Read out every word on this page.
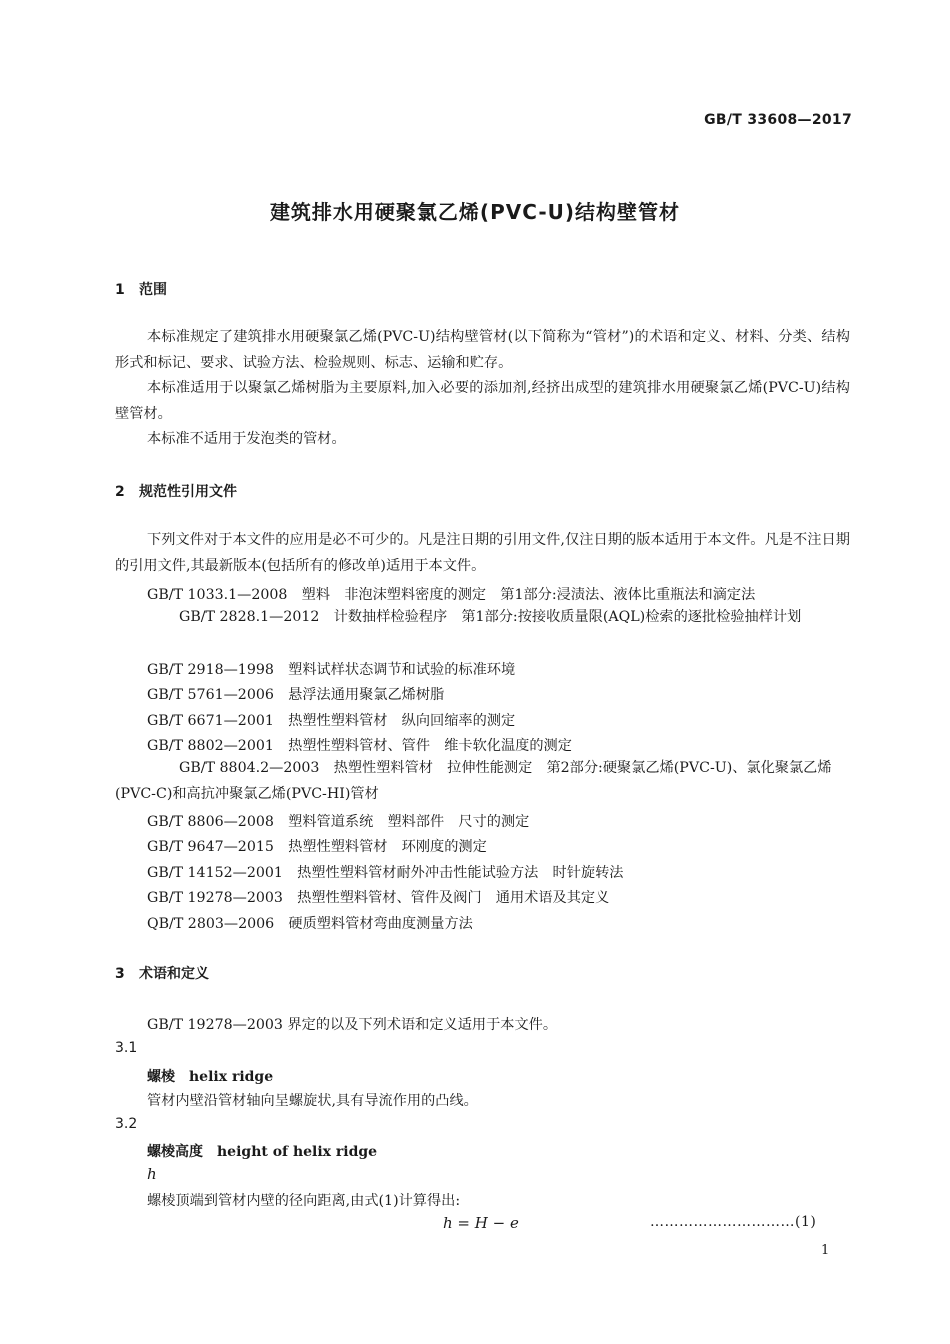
GB/T 33608—2017
建筑排水用硬聚氯乙烯(PVC-U)结构壁管材
1 范围
本标准规定了建筑排水用硬聚氯乙烯(PVC-U)结构壁管材(以下简称为“管材”)的术语和定义、材料、分类、结构形式和标记、要求、试验方法、检验规则、标志、运输和贮存。
本标准适用于以聚氯乙烯树脂为主要原料,加入必要的添加剂,经挤出成型的建筑排水用硬聚氯乙烯(PVC-U)结构壁管材。
本标准不适用于发泡类的管材。
2 规范性引用文件
下列文件对于本文件的应用是必不可少的。凡是注日期的引用文件,仅注日期的版本适用于本文件。凡是不注日期的引用文件,其最新版本(包括所有的修改单)适用于本文件。
GB/T 1033.1—2008　 塑料　非泡沫塑料密度的测定　第1部分:浸渍法、液体比重瓶法和滴定法
GB/T 2828.1—2012　 计数抽样检验程序　第1部分:按接收质量限(AQL)检索的逐批检验抽样计划
GB/T 2918—1998　 塑料试样状态调节和试验的标准环境
GB/T 5761—2006　 悬浮法通用聚氯乙烯树脂
GB/T 6671—2001　 热塑性塑料管材　纵向回缩率的测定
GB/T 8802—2001　 热塑性塑料管材、管件　维卡软化温度的测定
GB/T 8804.2—2003　 热塑性塑料管材　拉伸性能测定　第2部分:硬聚氯乙烯(PVC-U)、氯化聚氯乙烯(PVC-C)和高抗冲聚氯乙烯(PVC-HI)管材
GB/T 8806—2008　 塑料管道系统　塑料部件　尺寸的测定
GB/T 9647—2015　 热塑性塑料管材　环刚度的测定
GB/T 14152—2001　 热塑性塑料管材耐外冲击性能试验方法　时针旋转法
GB/T 19278—2003　 热塑性塑料管材、管件及阀门　通用术语及其定义
QB/T 2803—2006　 硬质塑料管材弯曲度测量方法
3 术语和定义
GB/T 19278—2003 界定的以及下列术语和定义适用于本文件。
3.1
螺棱 helix ridge
管材内壁沿管材轴向呈螺旋状,具有导流作用的凸线。
3.2
螺棱高度 height of helix ridge
h
螺棱顶端到管材内壁的径向距离,由式(1)计算得出:
h = H − e	…………………………(1)
1
